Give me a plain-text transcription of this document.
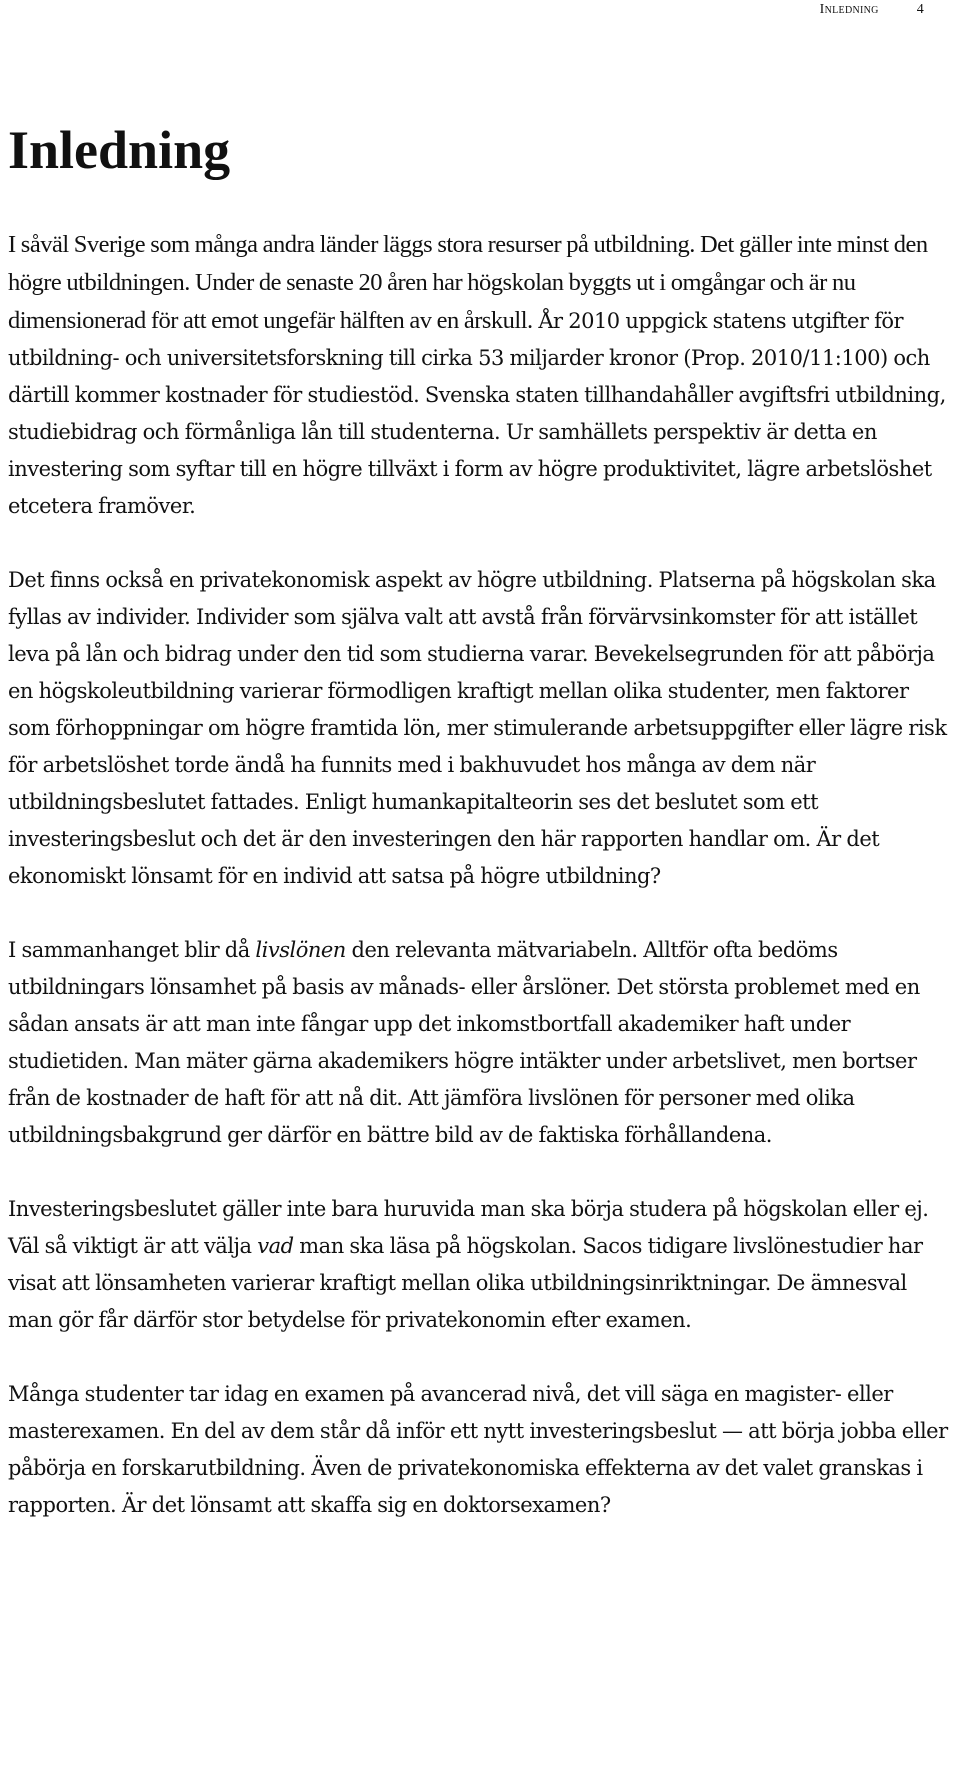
Inledning	4
Inledning

I såväl Sverige som många andra länder läggs stora resurser på utbildning. Det gäller inte minst den högre utbildningen. Under de senaste 20 åren har högskolan byggts ut i omgångar och är nu dimensionerad för att emot ungefär hälften av en årskull. År 2010 uppgick statens utgifter för utbildning- och universitetsforskning till cirka 53 miljarder kronor (Prop. 2010/11:100) och därtill kommer kostnader för studiestöd. Svenska staten tillhandahåller avgiftsfri utbildning, studiebidrag och förmånliga lån till studenterna. Ur samhällets perspektiv är detta en investering som syftar till en högre tillväxt i form av högre produktivitet, lägre arbetslöshet etcetera framöver.

Det finns också en privatekonomisk aspekt av högre utbildning. Platserna på högskolan ska fyllas av individer. Individer som själva valt att avstå från förvärvsinkomster för att istället leva på lån och bidrag under den tid som studierna varar. Bevekelsegrunden för att påbörja en högskoleutbildning varierar förmodligen kraftigt mellan olika studenter, men faktorer som förhoppningar om högre framtida lön, mer stimulerande arbetsuppgifter eller lägre risk för arbetslöshet torde ändå ha funnits med i bakhuvudet hos många av dem när utbildningsbeslutet fattades. Enligt humankapitalteorin ses det beslutet som ett investeringsbeslut och det är den investeringen den här rapporten handlar om. Är det ekonomiskt lönsamt för en individ att satsa på högre utbildning?

I sammanhanget blir då livslönen den relevanta mätvariabeln. Alltför ofta bedöms utbildningars lönsamhet på basis av månads- eller årslöner. Det största problemet med en sådan ansats är att man inte fångar upp det inkomstbortfall akademiker haft under studietiden. Man mäter gärna akademikers högre intäkter under arbetslivet, men bortser från de kostnader de haft för att nå dit. Att jämföra livslönen för personer med olika utbildningsbakgrund ger därför en bättre bild av de faktiska förhållandena.

Investeringsbeslutet gäller inte bara huruvida man ska börja studera på högskolan eller ej. Väl så viktigt är att välja vad man ska läsa på högskolan. Sacos tidigare livslönestudier har visat att lönsamheten varierar kraftigt mellan olika utbildningsinriktningar. De ämnesval man gör får därför stor betydelse för privatekonomin efter examen.

Många studenter tar idag en examen på avancerad nivå, det vill säga en magister- eller masterexamen. En del av dem står då inför ett nytt investeringsbeslut — att börja jobba eller påbörja en forskarutbildning. Även de privatekonomiska effekterna av det valet granskas i rapporten. Är det lönsamt att skaffa sig en doktorsexamen?
